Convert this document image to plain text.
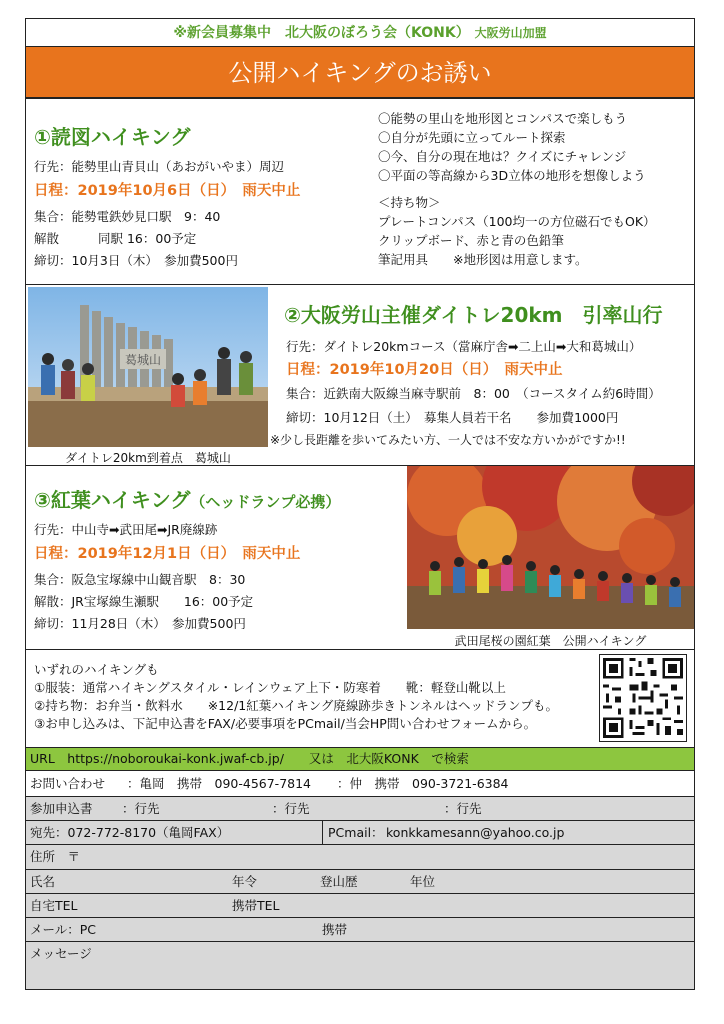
※新会員募集中　北大阪のぼろう会（KONK） 大阪労山加盟
公開ハイキングのお誘い
①読図ハイキング
行先：能勢里山青貝山（あおがいやま）周辺
日程：2019年10月6日（日）　雨天中止
集合：能勢電鉄妙見口駅　9：40
解散	同駅 16：00予定
締切：10月3日（木）　参加費500円
〇能勢の里山を地形図とコンパスで楽しもう
〇自分が先頭に立ってルート探索
〇今、自分の現在地は？クイズにチャレンジ
〇平面の等高線から3D立体の地形を想像しよう
＜持ち物＞
プレートコンパス（100均一の方位磁石でもOK）
クリップボード、赤と青の色鉛筆
筆記用具　　※地形図は用意します。
葛城山
ダイトレ20km到着点　葛城山
②大阪労山主催ダイトレ20km　引率山行
行先：ダイトレ20kmコース（當麻庁舎➡二上山➡大和葛城山）
日程：2019年10月20日（日）　雨天中止
集合：近鉄南大阪線当麻寺駅前　8：00　（コースタイム約6時間）
締切：10月12日（土）　募集人員若干名　　参加費1000円
※少し長距離を歩いてみたい方、一人では不安な方いかがですか!!
③紅葉ハイキング（ヘッドランプ必携）
行先：中山寺➡武田尾➡JR廃線跡
日程：2019年12月1日（日）　雨天中止
集合：阪急宝塚線中山観音駅　8：30
解散：JR宝塚線生瀬駅　　16：00予定
締切：11月28日（木）　参加費500円
武田尾桜の園紅葉　公開ハイキング
いずれのハイキングも
①服装：通常ハイキングスタイル・レインウェア上下・防寒着　　靴：軽登山靴以上
②持ち物：お弁当・飲料水　　※12/1紅葉ハイキング廃線跡歩きトンネルはヘッドランプも。
③お申し込みは、下記申込書をFAX/必要事項をPCmail/当会HP問い合わせフォームから。
URL　https://noboroukai-konk.jwaf-cb.jp/　　又は　北大阪KONK　で検索
お問い合わせ ：亀岡　携帯　090-4567-7814 ：仲　携帯　090-3721-6384
参加申込書 ：行先	：行先	：行先
宛先：072-772-8170（亀岡FAX）	PCmail： konkkamesann@yahoo.co.jp
住所　〒
氏名	年令	登山歴	年位
自宅TEL	携帯TEL
メール：PC	携帯
メッセージ
